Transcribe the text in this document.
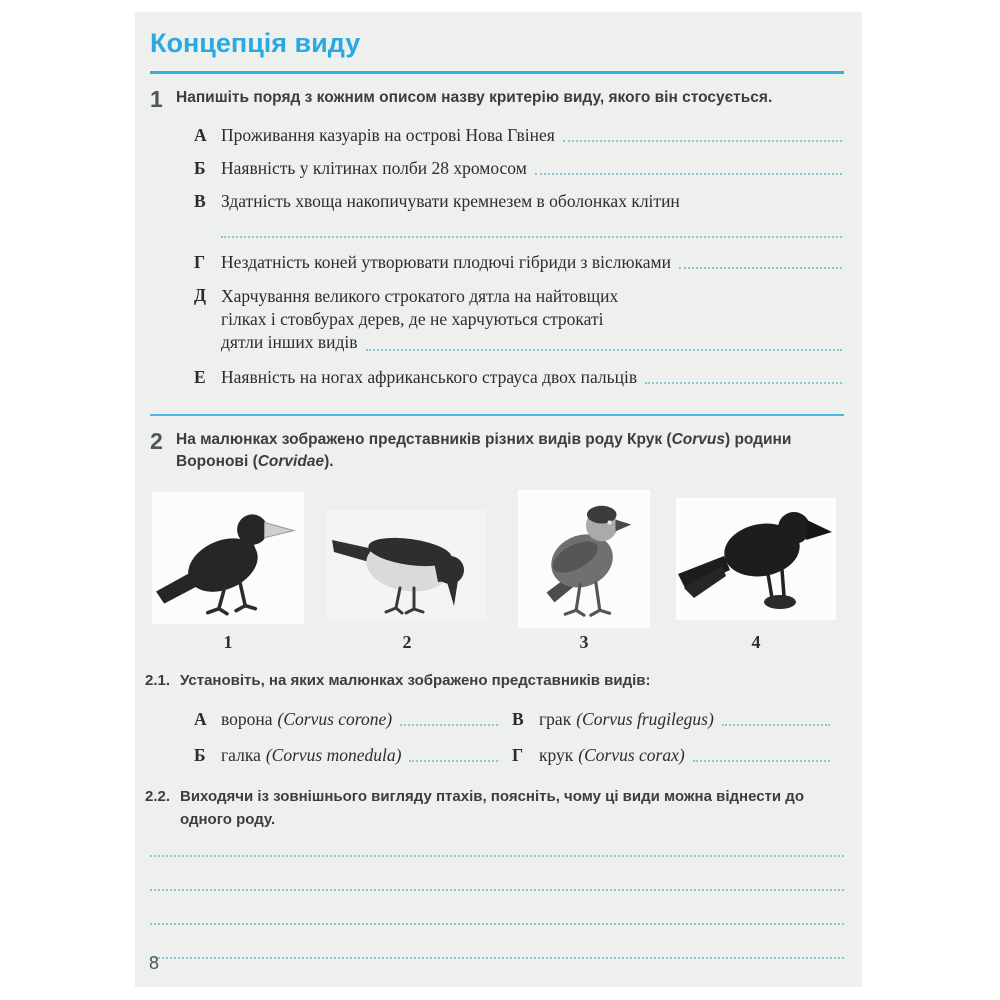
Концепція виду
1 Напишіть поряд з кожним описом назву критерію виду, якого він стосується.
А Проживання казуарів на острові Нова Гвінея
Б Наявність у клітинах полби 28 хромосом
В Здатність хвоща накопичувати кремнезем в оболонках клітин
Г Нездатність коней утворювати плодючі гібриди з віслюками
Д Харчування великого строкатого дятла на найтовщих
гілках і стовбурах дерев, де не харчуються строкаті
дятли інших видів
Е Наявність на ногах африканського страуса двох пальців
2 На малюнках зображено представників різних видів роду Крук (Corvus) родини Воронові (Corvidae).
1	2	3	4
2.1. Установіть, на яких малюнках зображено представників видів:
А ворона (Corvus corone)	В грак (Corvus frugilegus)
Б галка (Corvus monedula)	Г крук (Corvus corax)
2.2. Виходячи із зовнішнього вигляду птахів, поясніть, чому ці види можна віднести до одного роду.
8
